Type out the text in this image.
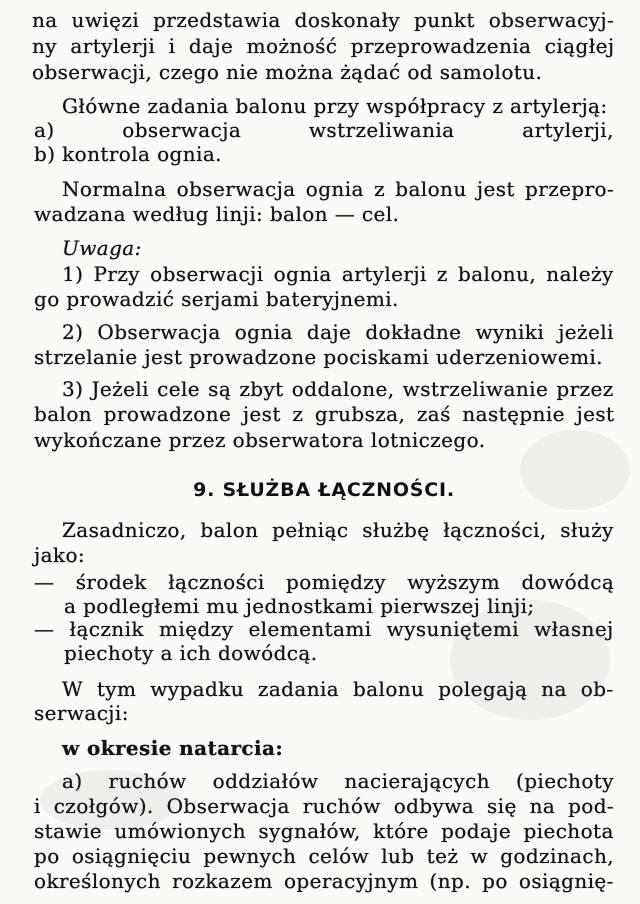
na uwięzi przedstawia doskonały punkt obserwacyj-
ny artylerji i daje możność przeprowadzenia ciągłej
obserwacji, czego nie można żądać od samolotu.
Główne zadania balonu przy współpracy z artylerją:
a) obserwacja wstrzeliwania artylerji,
b) kontrola ognia.
Normalna obserwacja ognia z balonu jest przepro-
wadzana według linji: balon — cel.
Uwaga:
1) Przy obserwacji ognia artylerji z balonu, należy
go prowadzić serjami bateryjnemi.
2) Obserwacja ognia daje dokładne wyniki jeżeli
strzelanie jest prowadzone pociskami uderzeniowemi.
3) Jeżeli cele są zbyt oddalone, wstrzeliwanie przez
balon prowadzone jest z grubsza, zaś następnie jest
wykończane przez obserwatora lotniczego.
9. SŁUŻBA ŁĄCZNOŚCI.
Zasadniczo, balon pełniąc służbę łączności, służy
jako:
— środek łączności pomiędzy wyższym dowódcą
a podległemi mu jednostkami pierwszej linji;
— łącznik między elementami wysuniętemi własnej
piechoty a ich dowódcą.
W tym wypadku zadania balonu polegają na ob-
serwacji:
w okresie natarcia:
a) ruchów oddziałów nacierających (piechoty
i czołgów). Obserwacja ruchów odbywa się na pod-
stawie umówionych sygnałów, które podaje piechota
po osiągnięciu pewnych celów lub też w godzinach,
określonych rozkazem operacyjnym (np. po osiągnię-
